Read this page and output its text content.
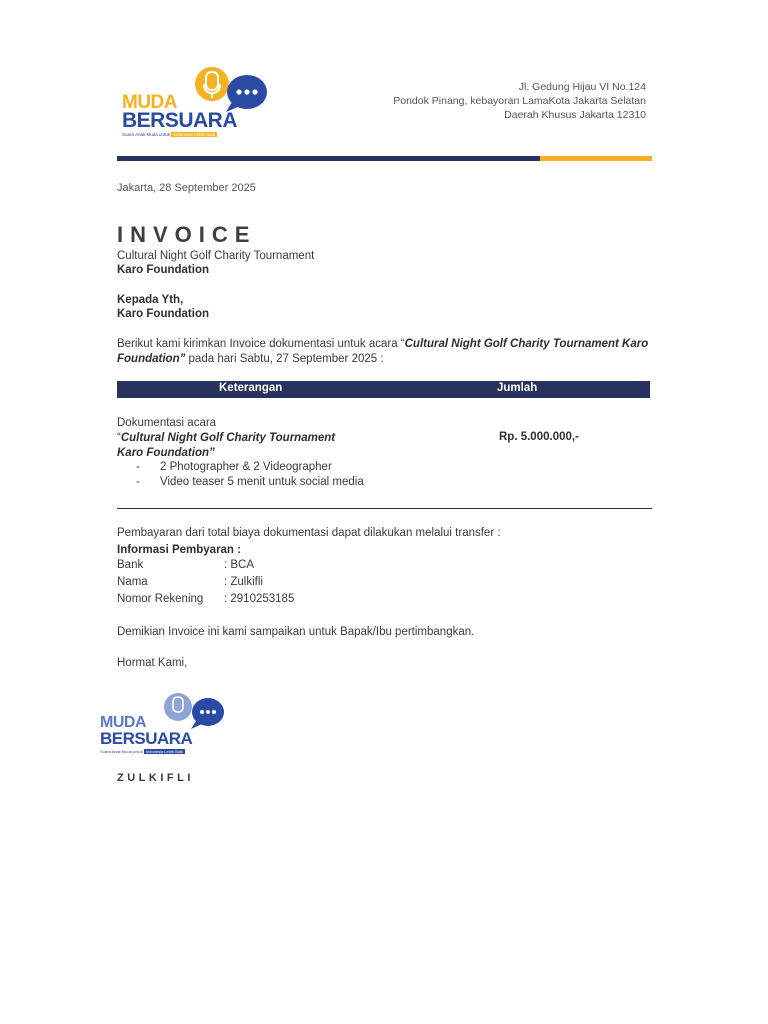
MUDA
BERSUARA
Suara Anak Muda untuk Indonesia Lebih Baik
Jl. Gedung Hijau VI No.124
Pondok Pinang, kebayoran LamaKota Jakarta Selatan
Daerah Khusus Jakarta 12310
Jakarta, 28 September 2025
INVOICE
Cultural Night Golf Charity Tournament
Karo Foundation
Kepada Yth,
Karo Foundation
Berikut kami kirimkan Invoice dokumentasi untuk acara “Cultural Night Golf Charity Tournament Karo Foundation” pada hari Sabtu, 27 September 2025 :
Keterangan	Jumlah
Dokumentasi acara
“Cultural Night Golf Charity Tournament
Karo Foundation”
- 2 Photographer & 2 Videographer
- Video teaser 5 menit untuk social media
Rp. 5.000.000,-
Pembayaran dari total biaya dokumentasi dapat dilakukan melalui transfer :
Informasi Pembyaran :
Bank	: BCA
Nama	: Zulkifli
Nomor Rekening : 2910253185
Demikian Invoice ini kami sampaikan untuk Bapak/Ibu pertimbangkan.
Hormat Kami,
MUDA
BERSUARA
Suara Anak Muda untuk Indonesia Lebih Baik
ZULKIFLI
